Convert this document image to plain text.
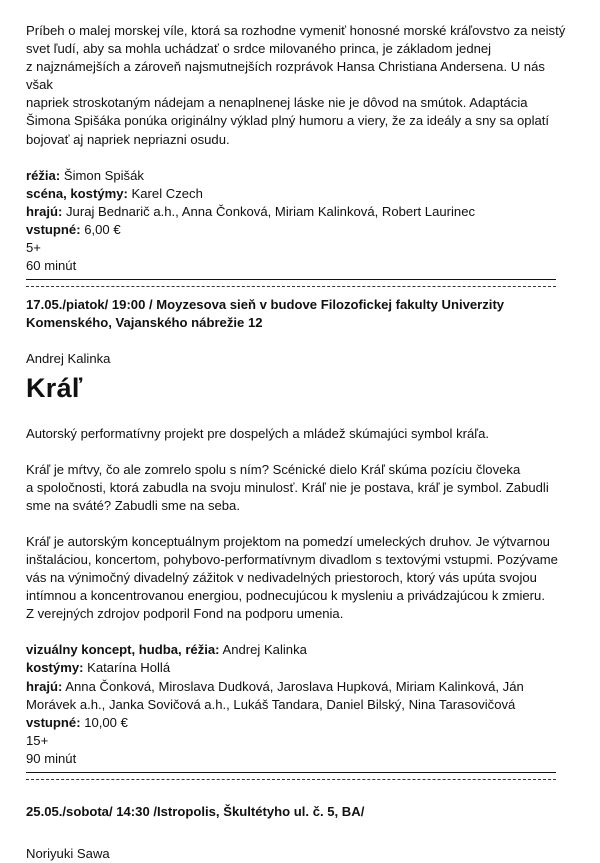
Príbeh o malej morskej víle, ktorá sa rozhodne vymeniť honosné morské kráľovstvo za neistý

svet ľudí, aby sa mohla uchádzať o srdce milovaného princa, je základom jednej

z najznámejších a zároveň najsmutnejších rozprávok Hansa Christiana Andersena. U nás však

napriek stroskotaným nádejam a nenaplnenej láske nie je dôvod na smútok. Adaptácia

Šimona Spišáka ponúka originálny výklad plný humoru a viery, že za ideály a sny sa oplatí

bojovať aj napriek nepriazni osudu.

réžia: Šimon Spišák

scéna, kostýmy: Karel Czech

hrajú: Juraj Bednarič a.h., Anna Čonková, Miriam Kalinková, Robert Laurinec

vstupné: 6,00 €

5+

60 minút

17.05./piatok/ 19:00 / Moyzesova sieň v budove Filozofickej fakulty Univerzity

Komenského, Vajanského nábrežie 12

Andrej Kalinka

Kráľ

Autorský performatívny projekt pre dospelých a mládež skúmajúci symbol kráľa.

Kráľ je mŕtvy, čo ale zomrelo spolu s ním? Scénické dielo Kráľ skúma pozíciu človeka

a spoločnosti, ktorá zabudla na svoju minulosť. Kráľ nie je postava, kráľ je symbol. Zabudli

sme na sváté? Zabudli sme na seba.

Kráľ je autorským konceptuálnym projektom na pomedzí umeleckých druhov. Je výtvarnou

inštaláciou, koncertom, pohybovo-performatívnym divadlom s textovými vstupmi. Pozývame

vás na výnimočný divadelný zážitok v nedivadelných priestoroch, ktorý vás upúta svojou

intímnou a koncentrovanou energiou, podnecujúcou k mysleniu a privádzajúcou k zmieru.

Z verejných zdrojov podporil Fond na podporu umenia.

vizuálny koncept, hudba, réžia: Andrej Kalinka

kostýmy: Katarína Hollá

hrajú: Anna Čonková, Miroslava Dudková, Jaroslava Hupková, Miriam Kalinková, Ján Morávek a.h., Janka Sovičová a.h., Lukáš Tandara, Daniel Bilský, Nina Tarasovičová

vstupné: 10,00 €

15+

90 minút

25.05./sobota/ 14:30 /Istropolis, Škultétyho ul. č. 5, BA/

Noriyuki Sawa
